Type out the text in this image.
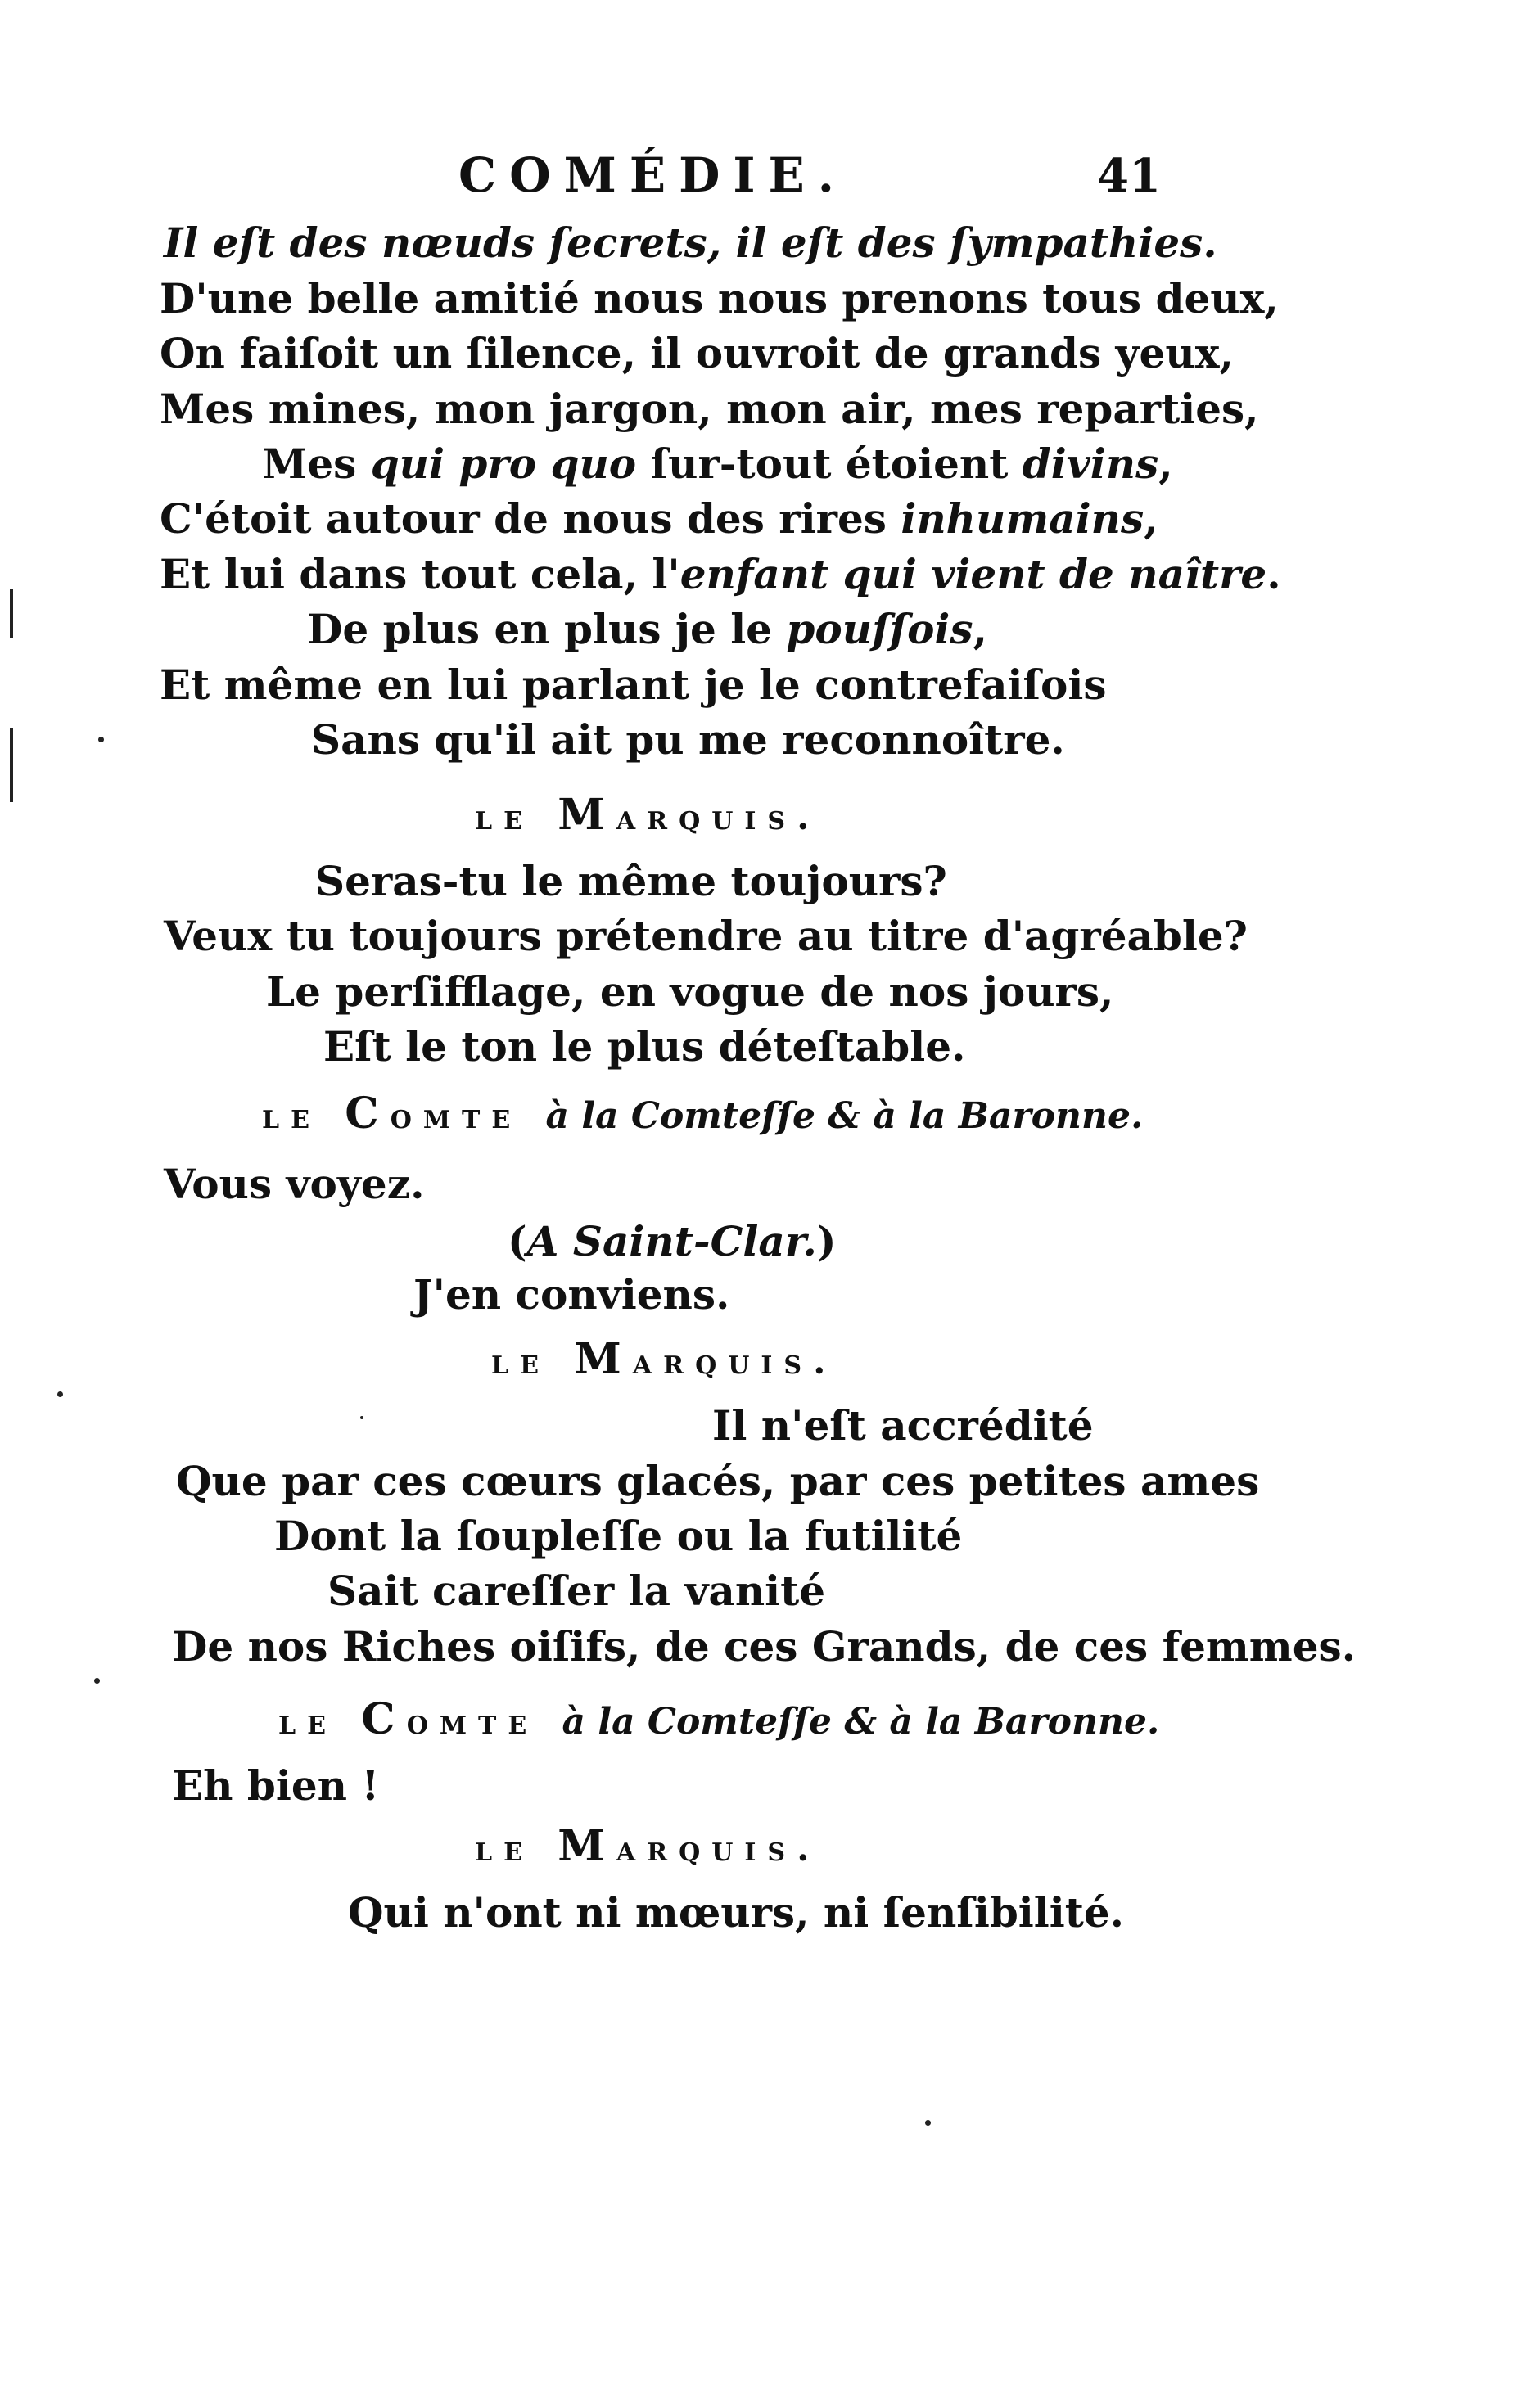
COMÉDIE.	41
Il eſt des nœuds ſecrets, il eſt des ſympathies.
D'une belle amitié nous nous prenons tous deux,
On faiſoit un ſilence, il ouvroit de grands yeux,
Mes mines, mon jargon, mon air, mes reparties,
Mes qui pro quo ſur-tout étoient divins,
C'étoit autour de nous des rires inhumains,
Et lui dans tout cela, l'enfant qui vient de naître.
De plus en plus je le pouſſois,
Et même en lui parlant je le contrefaiſois
Sans qu'il ait pu me reconnoître.
LE MARQUIS.
Seras-tu le même toujours?
Veux tu toujours prétendre au titre d'agréable?
Le perſifflage, en vogue de nos jours,
Eſt le ton le plus déteſtable.
LE COMTE à la Comteſſe & à la Baronne.
Vous voyez.
(A Saint-Clar.)
J'en conviens.
LE MARQUIS.
Il n'eſt accrédité
Que par ces cœurs glacés, par ces petites ames
Dont la ſoupleſſe ou la futilité
Sait careſſer la vanité
De nos Riches oiſifs, de ces Grands, de ces femmes.
LE COMTE à la Comteſſe & à la Baronne.
Eh bien !
LE MARQUIS.
Qui n'ont ni mœurs, ni ſenſibilité.
